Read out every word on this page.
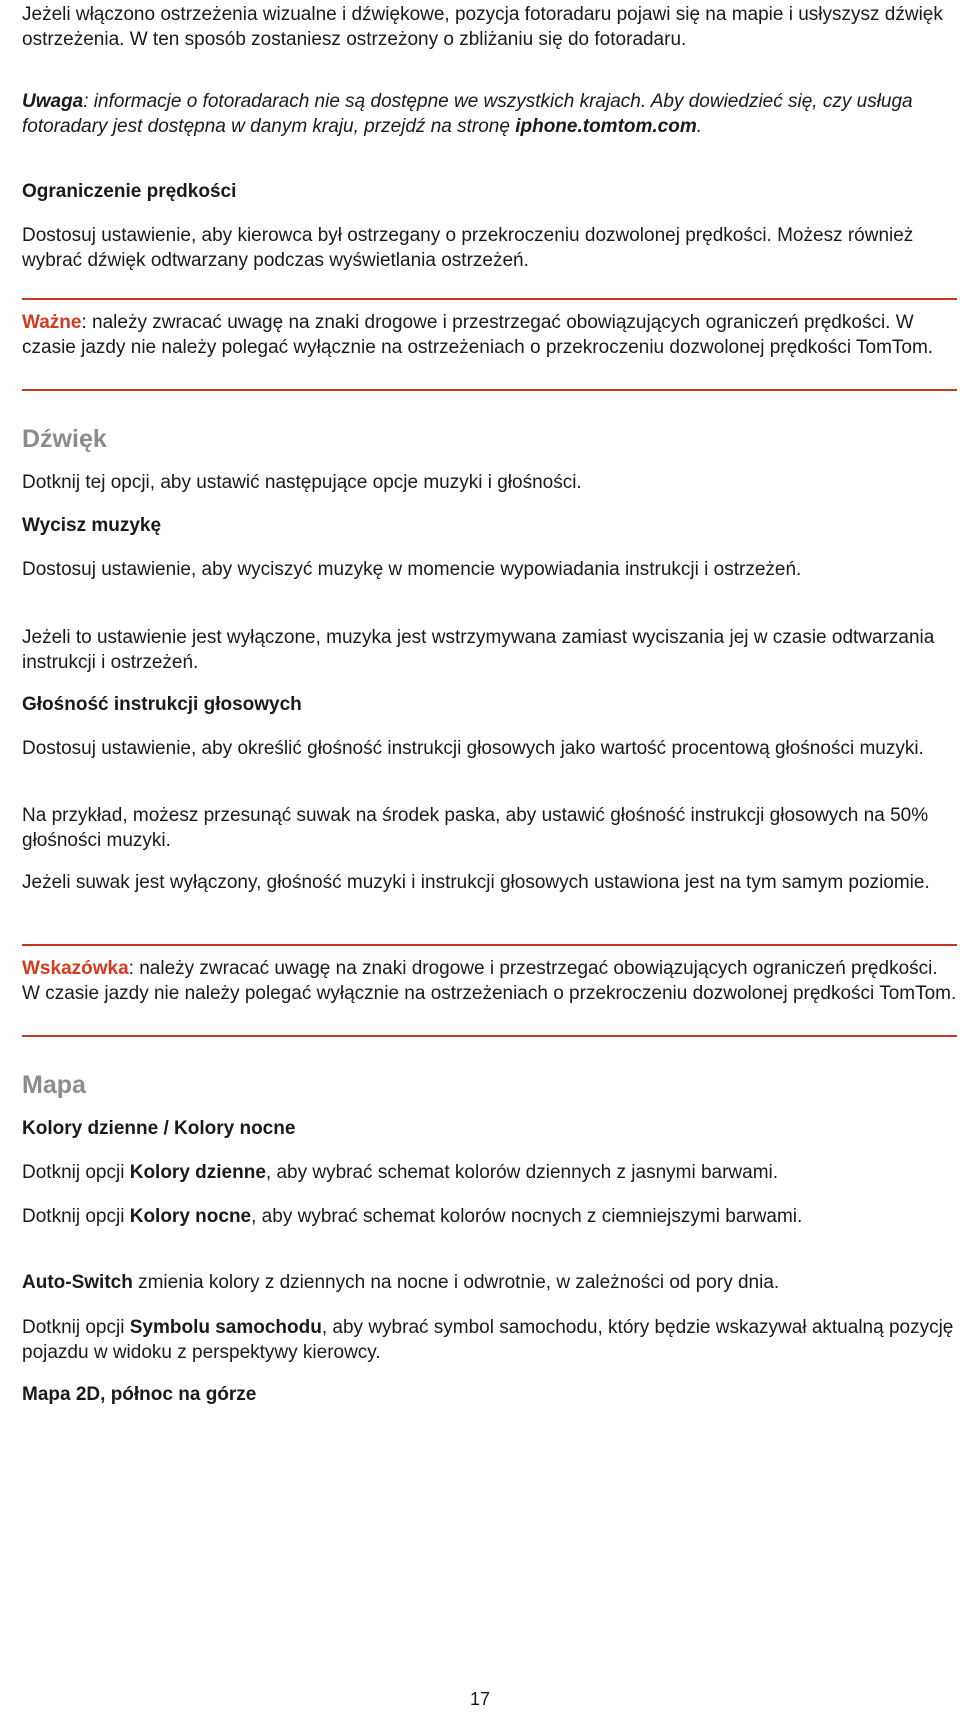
Jeżeli włączono ostrzeżenia wizualne i dźwiękowe, pozycja fotoradaru pojawi się na mapie i usłyszysz dźwięk ostrzeżenia. W ten sposób zostaniesz ostrzeżony o zbliżaniu się do fotoradaru.

Uwaga: informacje o fotoradarach nie są dostępne we wszystkich krajach. Aby dowiedzieć się, czy usługa fotoradary jest dostępna w danym kraju, przejdź na stronę iphone.tomtom.com.

Ograniczenie prędkości

Dostosuj ustawienie, aby kierowca był ostrzegany o przekroczeniu dozwolonej prędkości. Możesz również wybrać dźwięk odtwarzany podczas wyświetlania ostrzeżeń.

Ważne: należy zwracać uwagę na znaki drogowe i przestrzegać obowiązujących ograniczeń prędkości. W czasie jazdy nie należy polegać wyłącznie na ostrzeżeniach o przekroczeniu dozwolonej prędkości TomTom.

Dźwięk

Dotknij tej opcji, aby ustawić następujące opcje muzyki i głośności.

Wycisz muzykę

Dostosuj ustawienie, aby wyciszyć muzykę w momencie wypowiadania instrukcji i ostrzeżeń.

Jeżeli to ustawienie jest wyłączone, muzyka jest wstrzymywana zamiast wyciszania jej w czasie odtwarzania instrukcji i ostrzeżeń.

Głośność instrukcji głosowych

Dostosuj ustawienie, aby określić głośność instrukcji głosowych jako wartość procentową głośności muzyki.

Na przykład, możesz przesunąć suwak na środek paska, aby ustawić głośność instrukcji głosowych na 50% głośności muzyki.

Jeżeli suwak jest wyłączony, głośność muzyki i instrukcji głosowych ustawiona jest na tym samym poziomie.

Wskazówka: należy zwracać uwagę na znaki drogowe i przestrzegać obowiązujących ograniczeń prędkości. W czasie jazdy nie należy polegać wyłącznie na ostrzeżeniach o przekroczeniu dozwolonej prędkości TomTom.

Mapa

Kolory dzienne / Kolory nocne

Dotknij opcji Kolory dzienne, aby wybrać schemat kolorów dziennych z jasnymi barwami.

Dotknij opcji Kolory nocne, aby wybrać schemat kolorów nocnych z ciemniejszymi barwami.

Auto-Switch zmienia kolory z dziennych na nocne i odwrotnie, w zależności od pory dnia.

Dotknij opcji Symbolu samochodu, aby wybrać symbol samochodu, który będzie wskazywał aktualną pozycję pojazdu w widoku z perspektywy kierowcy.

Mapa 2D, północ na górze

17
